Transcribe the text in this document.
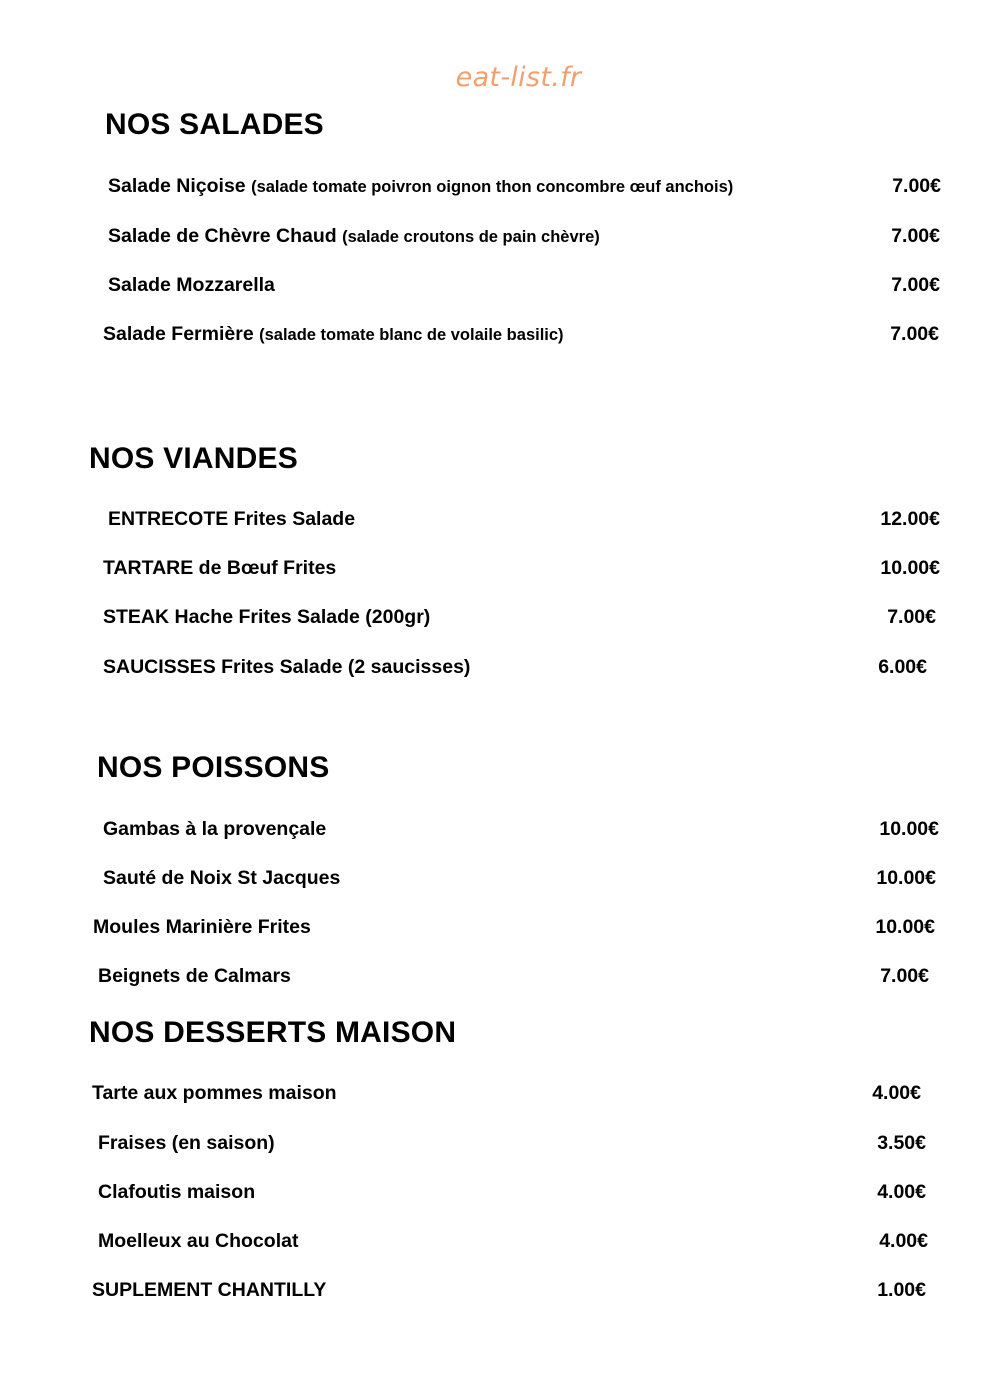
eat-list.fr
NOS SALADES
Salade Niçoise (salade tomate poivron oignon thon concombre œuf anchois)	7.00€
Salade de Chèvre Chaud (salade croutons de pain chèvre)	7.00€
Salade Mozzarella	7.00€
Salade Fermière (salade tomate blanc de volaile basilic)	7.00€
NOS VIANDES
ENTRECOTE Frites Salade	12.00€
TARTARE de Bœuf Frites	10.00€
STEAK Hache Frites Salade (200gr)	7.00€
SAUCISSES Frites Salade (2 saucisses)	6.00€
NOS POISSONS
Gambas à la provençale	10.00€
Sauté de Noix St Jacques	10.00€
Moules Marinière Frites	10.00€
Beignets de Calmars	7.00€
NOS DESSERTS MAISON
Tarte aux pommes maison	4.00€
Fraises (en saison)	3.50€
Clafoutis maison	4.00€
Moelleux au Chocolat	4.00€
SUPLEMENT CHANTILLY	1.00€
